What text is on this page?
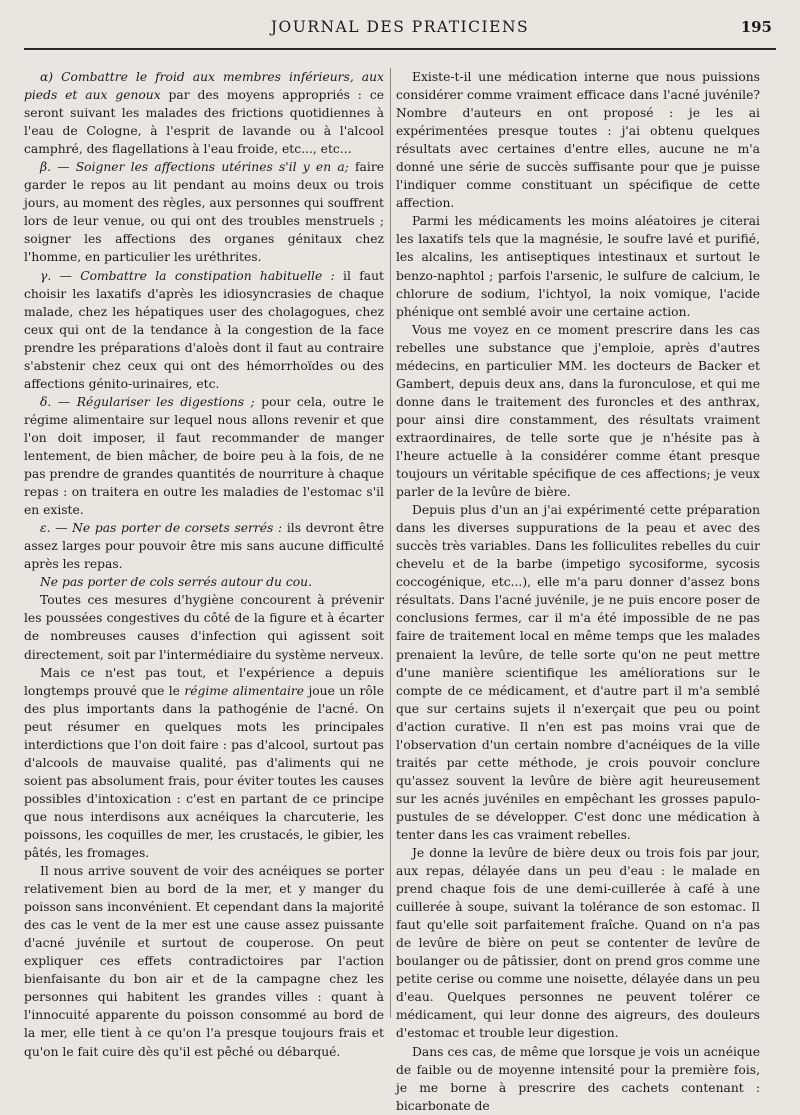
JOURNAL DES PRATICIENS	195

α) Combattre le froid aux membres inférieurs, aux pieds et aux genoux par des moyens appropriés : ce seront suivant les malades des frictions quotidiennes à l'eau de Cologne, à l'esprit de lavande ou à l'alcool camphré, des flagellations à l'eau froide, etc..., etc...

β. — Soigner les affections utérines s'il y en a; faire garder le repos au lit pendant au moins deux ou trois jours, au moment des règles, aux personnes qui souffrent lors de leur venue, ou qui ont des troubles menstruels ; soigner les affections des organes génitaux chez l'homme, en particulier les uréthrites.

γ. — Combattre la constipation habituelle : il faut choisir les laxatifs d'après les idiosyncrasies de chaque malade, chez les hépatiques user des cholagogues, chez ceux qui ont de la tendance à la congestion de la face prendre les préparations d'aloès dont il faut au contraire s'abstenir chez ceux qui ont des hémorrhoïdes ou des affections génito-urinaires, etc.

δ. — Régulariser les digestions ; pour cela, outre le régime alimentaire sur lequel nous allons revenir et que l'on doit imposer, il faut recommander de manger lentement, de bien mâcher, de boire peu à la fois, de ne pas prendre de grandes quantités de nourriture à chaque repas : on traitera en outre les maladies de l'estomac s'il en existe.

ε. — Ne pas porter de corsets serrés : ils devront être assez larges pour pouvoir être mis sans aucune difficulté après les repas.

Ne pas porter de cols serrés autour du cou.

Toutes ces mesures d'hygiène concourent à prévenir les poussées congestives du côté de la figure et à écarter de nombreuses causes d'infection qui agissent soit directement, soit par l'intermédiaire du système nerveux.

Mais ce n'est pas tout, et l'expérience a depuis longtemps prouvé que le régime alimentaire joue un rôle des plus importants dans la pathogénie de l'acné. On peut résumer en quelques mots les principales interdictions que l'on doit faire : pas d'alcool, surtout pas d'alcools de mauvaise qualité, pas d'aliments qui ne soient pas absolument frais, pour éviter toutes les causes possibles d'intoxication : c'est en partant de ce principe que nous interdisons aux acnéiques la charcuterie, les poissons, les coquilles de mer, les crustacés, le gibier, les pâtés, les fromages.

Il nous arrive souvent de voir des acnéiques se porter relativement bien au bord de la mer, et y manger du poisson sans inconvénient. Et cependant dans la majorité des cas le vent de la mer est une cause assez puissante d'acné juvénile et surtout de couperose. On peut expliquer ces effets contradictoires par l'action bienfaisante du bon air et de la campagne chez les personnes qui habitent les grandes villes : quant à l'innocuité apparente du poisson consommé au bord de la mer, elle tient à ce qu'on l'a presque toujours frais et qu'on le fait cuire dès qu'il est pêché ou débarqué.

Existe-t-il une médication interne que nous puissions considérer comme vraiment efficace dans l'acné juvénile? Nombre d'auteurs en ont proposé : je les ai expérimentées presque toutes : j'ai obtenu quelques résultats avec certaines d'entre elles, aucune ne m'a donné une série de succès suffisante pour que je puisse l'indiquer comme constituant un spécifique de cette affection.

Parmi les médicaments les moins aléatoires je citerai les laxatifs tels que la magnésie, le soufre lavé et purifié, les alcalins, les antiseptiques intestinaux et surtout le benzo-naphtol ; parfois l'arsenic, le sulfure de calcium, le chlorure de sodium, l'ichtyol, la noix vomique, l'acide phénique ont semblé avoir une certaine action.

Vous me voyez en ce moment prescrire dans les cas rebelles une substance que j'emploie, après d'autres médecins, en particulier MM. les docteurs de Backer et Gambert, depuis deux ans, dans la furonculose, et qui me donne dans le traitement des furoncles et des anthrax, pour ainsi dire constamment, des résultats vraiment extraordinaires, de telle sorte que je n'hésite pas à l'heure actuelle à la considérer comme étant presque toujours un véritable spécifique de ces affections; je veux parler de la levûre de bière.

Depuis plus d'un an j'ai expérimenté cette préparation dans les diverses suppurations de la peau et avec des succès très variables. Dans les folliculites rebelles du cuir chevelu et de la barbe (impetigo sycosiforme, sycosis coccogénique, etc...), elle m'a paru donner d'assez bons résultats. Dans l'acné juvénile, je ne puis encore poser de conclusions fermes, car il m'a été impossible de ne pas faire de traitement local en même temps que les malades prenaient la levûre, de telle sorte qu'on ne peut mettre d'une manière scientifique les améliorations sur le compte de ce médicament, et d'autre part il m'a semblé que sur certains sujets il n'exerçait que peu ou point d'action curative. Il n'en est pas moins vrai que de l'observation d'un certain nombre d'acnéiques de la ville traités par cette méthode, je crois pouvoir conclure qu'assez souvent la levûre de bière agit heureusement sur les acnés juvéniles en empêchant les grosses papulo-pustules de se développer. C'est donc une médication à tenter dans les cas vraiment rebelles.

Je donne la levûre de bière deux ou trois fois par jour, aux repas, délayée dans un peu d'eau : le malade en prend chaque fois de une demi-cuillerée à café à une cuillerée à soupe, suivant la tolérance de son estomac. Il faut qu'elle soit parfaitement fraîche. Quand on n'a pas de levûre de bière on peut se contenter de levûre de boulanger ou de pâtissier, dont on prend gros comme une petite cerise ou comme une noisette, délayée dans un peu d'eau. Quelques personnes ne peuvent tolérer ce médicament, qui leur donne des aigreurs, des douleurs d'estomac et trouble leur digestion.

Dans ces cas, de même que lorsque je vois un acnéique de faible ou de moyenne intensité pour la première fois, je me borne à prescrire des cachets contenant : bicarbonate de
